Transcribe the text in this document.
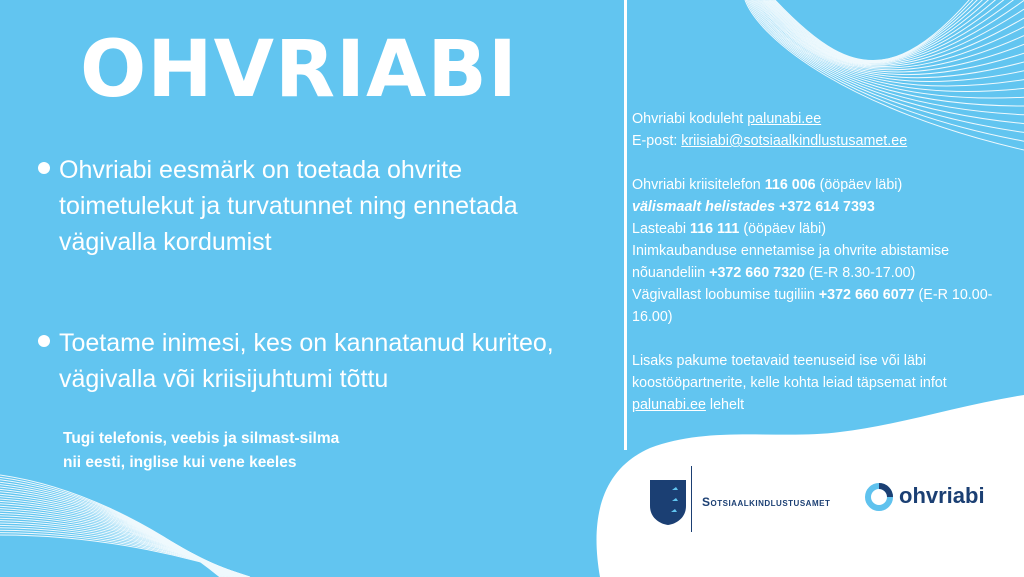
OHVRIABI
Ohvriabi eesmärk on toetada ohvrite toimetulekut ja turvatunnet ning ennetada vägivalla kordumist
Toetame inimesi, kes on kannatanud kuriteo, vägivalla või kriisijuhtumi tõttu
Tugi telefonis, veebis ja silmast-silma
nii eesti, inglise kui vene keeles

Ohvriabi koduleht palunabi.ee

E-post: kriisiabi@sotsiaalkindlustusamet.ee

Ohvriabi kriisitelefon 116 006 (ööpäev läbi)

välismaalt helistades +372 614 7393

Lasteabi 116 111 (ööpäev läbi)

Inimkaubanduse ennetamise ja ohvrite abistamise nõuandeliin +372 660 7320 (E-R 8.30-17.00)

Vägivallast loobumise tugiliin +372 660 6077 (E-R 10.00-16.00)

Lisaks pakume toetavaid teenuseid ise või läbi koostööpartnerite, kelle kohta leiad täpsemat infot palunabi.ee lehelt

Sotsiaalkindlustusamet	ohvriabi
